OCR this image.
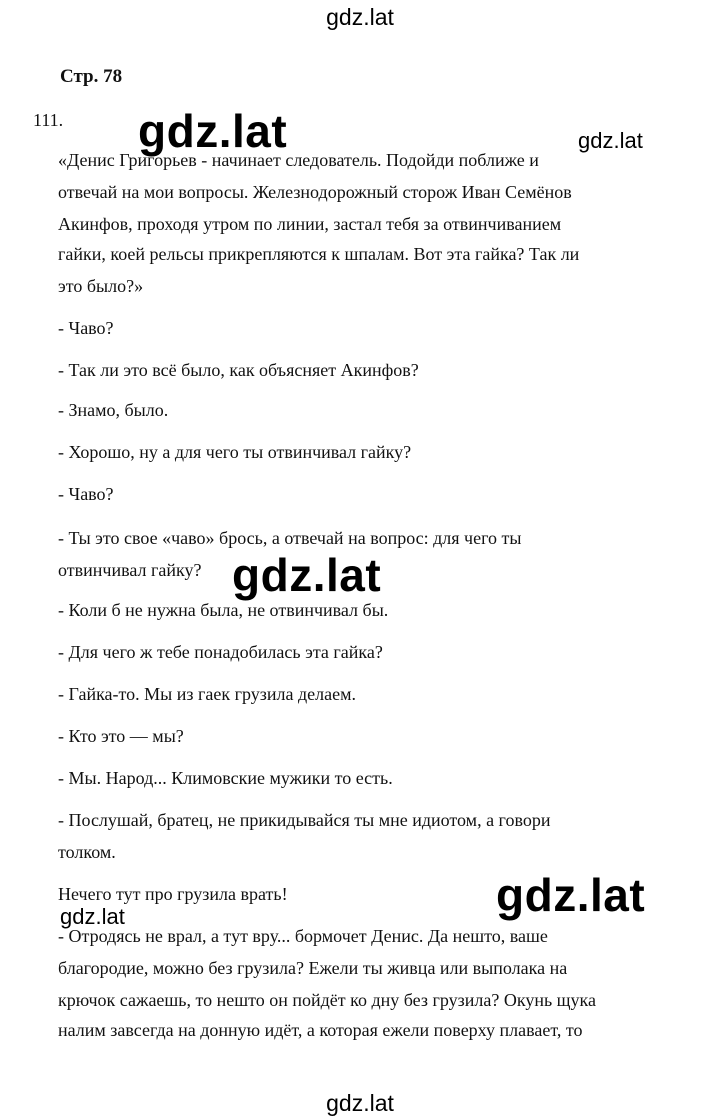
gdz.lat
Стр. 78
111.
«Денис Григорьев - начинает следователь. Подойди поближе и
отвечай на мои вопросы. Железнодорожный сторож Иван Семёнов
Акинфов, проходя утром по линии, застал тебя за отвинчиванием
гайки, коей рельсы прикрепляются к шпалам. Вот эта гайка? Так ли
это было?»
- Чаво?
- Так ли это всё было, как объясняет Акинфов?
- Знамо, было.
- Хорошо, ну а для чего ты отвинчивал гайку?
- Чаво?
- Ты это свое «чаво» брось, а отвечай на вопрос: для чего ты
отвинчивал гайку?
- Коли б не нужна была, не отвинчивал бы.
- Для чего ж тебе понадобилась эта гайка?
- Гайка-то. Мы из гаек грузила делаем.
- Кто это — мы?
- Мы. Народ... Климовские мужики то есть.
- Послушай, братец, не прикидывайся ты мне идиотом, а говори
толком.
Нечего тут про грузила врать!
- Отродясь не врал, а тут вру... бормочет Денис. Да нешто, ваше
благородие, можно без грузила? Ежели ты живца или выполака на
крючок сажаешь, то нешто он пойдёт ко дну без грузила? Окунь щука
налим завсегда на донную идёт, а которая ежели поверху плавает, то
gdz.lat	gdz.lat
gdz.lat
gdz.lat
gdz.lat
gdz.lat
